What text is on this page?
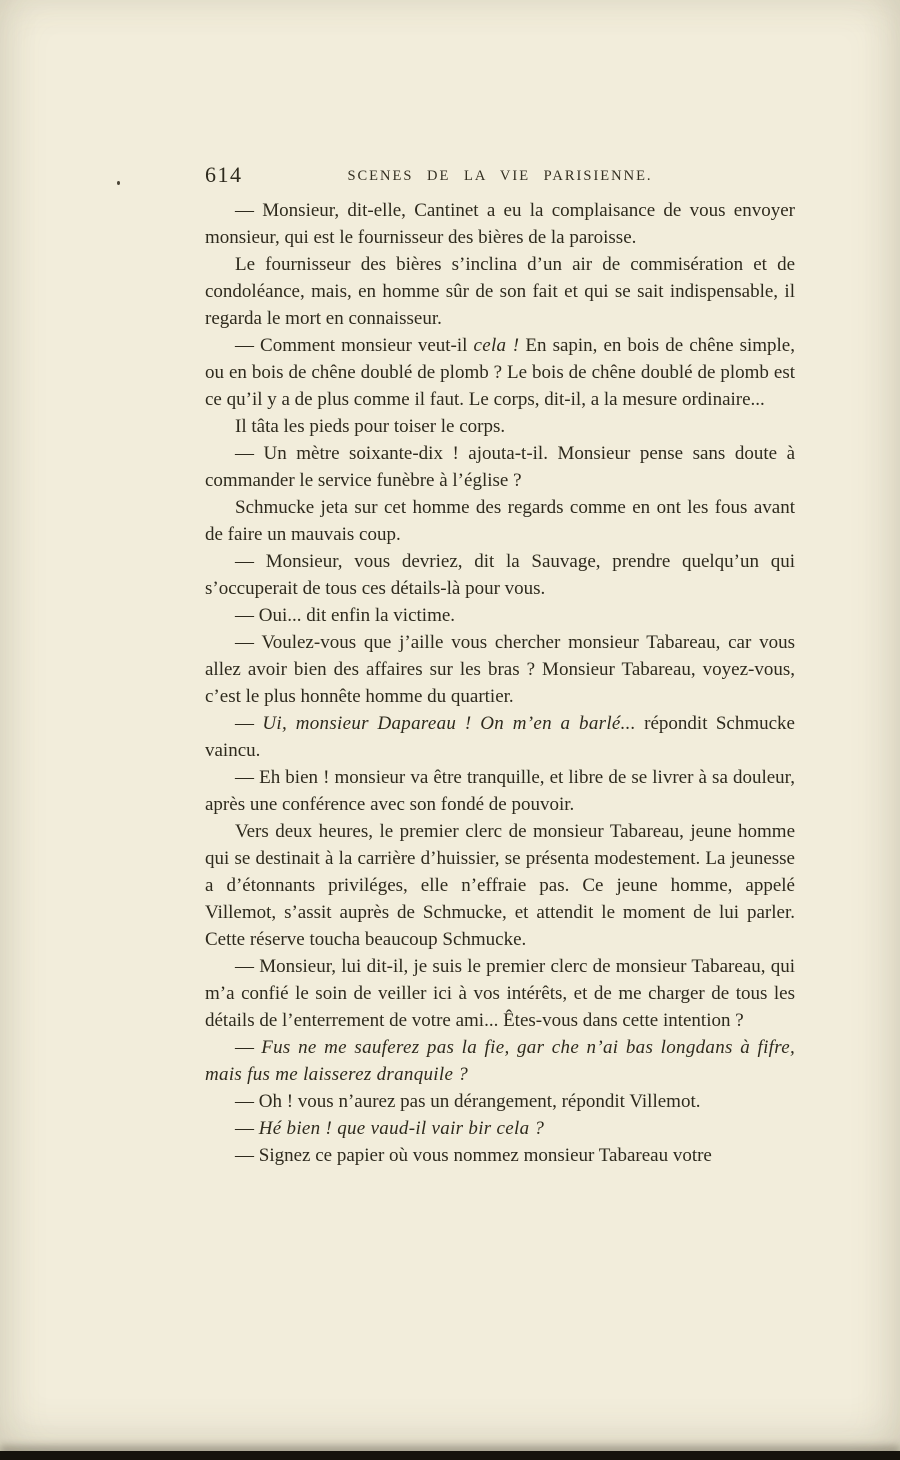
614	SCENES DE LA VIE PARISIENNE.

— Monsieur, dit-elle, Cantinet a eu la complaisance de vous envoyer monsieur, qui est le fournisseur des bières de la paroisse.

Le fournisseur des bières s’inclina d’un air de commisération et de condoléance, mais, en homme sûr de son fait et qui se sait indispensable, il regarda le mort en connaisseur.

— Comment monsieur veut-il cela ! En sapin, en bois de chêne simple, ou en bois de chêne doublé de plomb ? Le bois de chêne doublé de plomb est ce qu’il y a de plus comme il faut. Le corps, dit-il, a la mesure ordinaire...

Il tâta les pieds pour toiser le corps.

— Un mètre soixante-dix ! ajouta-t-il. Monsieur pense sans doute à commander le service funèbre à l’église ?

Schmucke jeta sur cet homme des regards comme en ont les fous avant de faire un mauvais coup.

— Monsieur, vous devriez, dit la Sauvage, prendre quelqu’un qui s’occuperait de tous ces détails-là pour vous.

— Oui... dit enfin la victime.

— Voulez-vous que j’aille vous chercher monsieur Tabareau, car vous allez avoir bien des affaires sur les bras ? Monsieur Tabareau, voyez-vous, c’est le plus honnête homme du quartier.

— Ui, monsieur Dapareau ! On m’en a barlé... répondit Schmucke vaincu.

— Eh bien ! monsieur va être tranquille, et libre de se livrer à sa douleur, après une conférence avec son fondé de pouvoir.

Vers deux heures, le premier clerc de monsieur Tabareau, jeune homme qui se destinait à la carrière d’huissier, se présenta modestement. La jeunesse a d’étonnants priviléges, elle n’effraie pas. Ce jeune homme, appelé Villemot, s’assit auprès de Schmucke, et attendit le moment de lui parler. Cette réserve toucha beaucoup Schmucke.

— Monsieur, lui dit-il, je suis le premier clerc de monsieur Tabareau, qui m’a confié le soin de veiller ici à vos intérêts, et de me charger de tous les détails de l’enterrement de votre ami... Êtes-vous dans cette intention ?

— Fus ne me sauferez pas la fie, gar che n’ai bas longdans à fifre, mais fus me laisserez dranquile ?

— Oh ! vous n’aurez pas un dérangement, répondit Villemot.

— Hé bien ! que vaud-il vair bir cela ?

— Signez ce papier où vous nommez monsieur Tabareau votre
